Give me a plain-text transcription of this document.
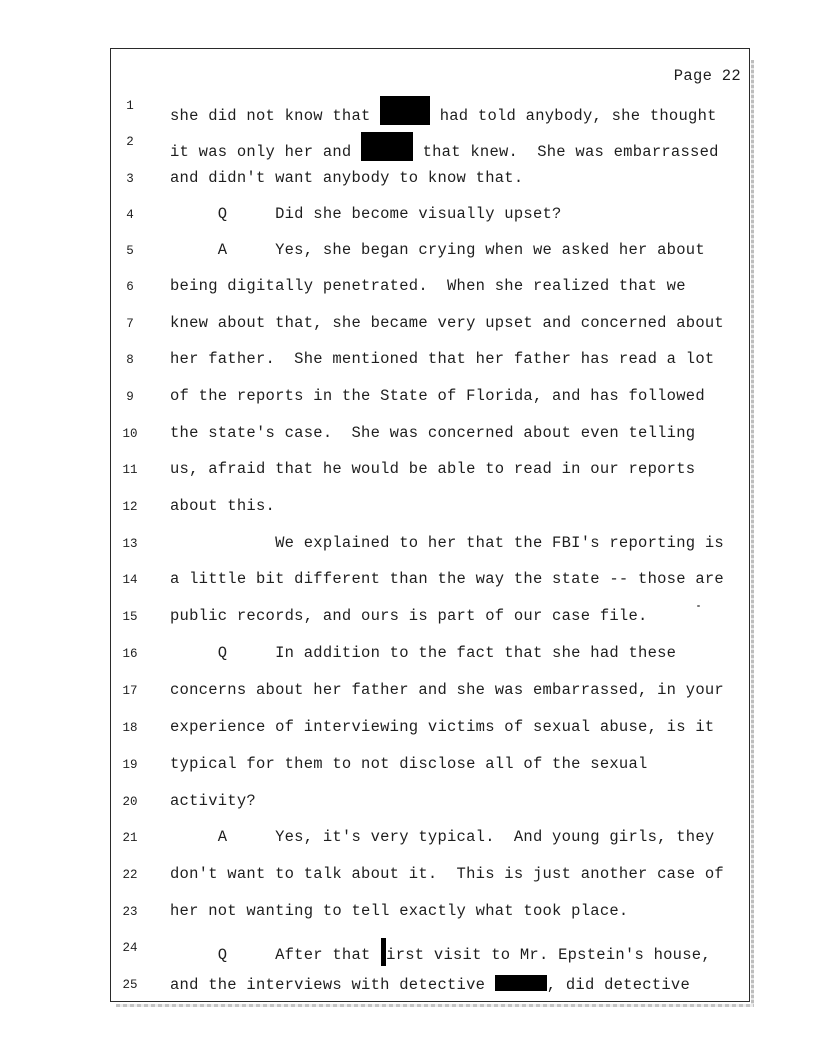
Page 22
1
she did not know that	had told anybody, she thought
2
it was only her and	that knew.  She was embarrassed
3	and didn't want anybody to know that.
4	Q     Did she become visually upset?
5	A     Yes, she began crying when we asked her about
6	being digitally penetrated.  When she realized that we
7	knew about that, she became very upset and concerned about
8	her father.  She mentioned that her father has read a lot
9	of the reports in the State of Florida, and has followed
10 the state's case.  She was concerned about even telling
11 us, afraid that he would be able to read in our reports
12 about this.
13 We explained to her that the FBI's reporting is
14 a little bit different than the way the state -- those are
15 public records, and ours is part of our case file.
16 Q     In addition to the fact that she had these
17 concerns about her father and she was embarrassed, in your
18 experience of interviewing victims of sexual abuse, is it
19 typical for them to not disclose all of the sexual
20 activity?
21 A     Yes, it's very typical.  And young girls, they
22 don't want to talk about it.  This is just another case of
23 her not wanting to tell exactly what took place.
24 Q     After that irst visit to Mr. Epstein's house,
25 and the interviews with detective	, did detective
